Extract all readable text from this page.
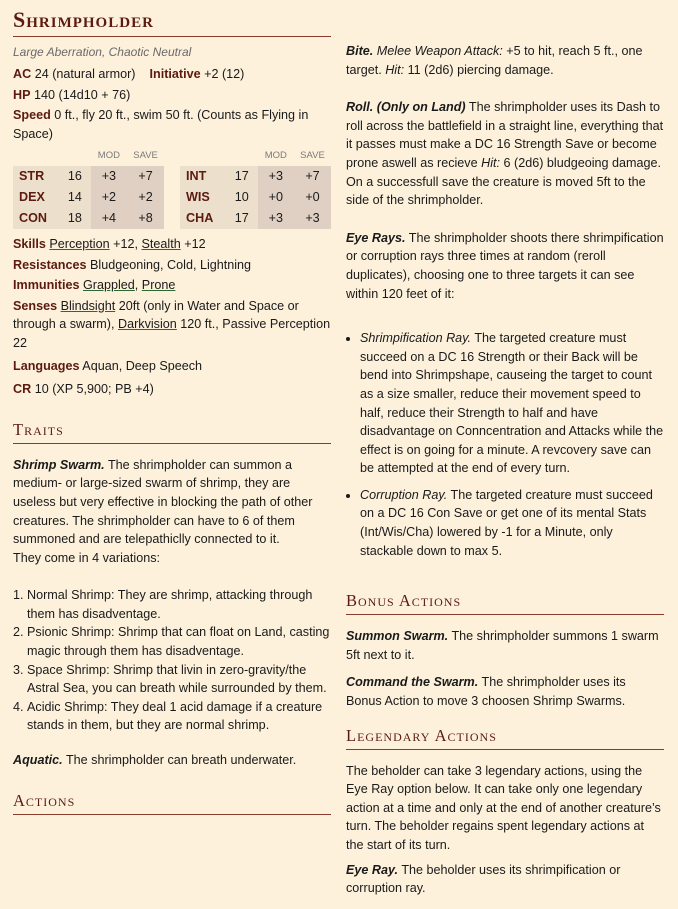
Shrimpholder
Large Aberration, Chaotic Neutral

AC 24 (natural armor) Initiative +2 (12)

HP 140 (14d10 + 76)

Speed 0 ft., fly 20 ft., swim 50 ft. (Counts as Flying in Space)

		MOD	SAVE				MOD	SAVE
STR	16	+3	+7		INT	17	+3	+7
DEX	14	+2	+2		WIS	10	+0	+0
CON	18	+4	+8		CHA	17	+3	+3

Skills Perception +12, Stealth +12

Resistances Bludgeoning, Cold, Lightning

Immunities Grappled, Prone

Senses Blindsight 20ft (only in Water and Space or through a swarm), Darkvision 120 ft., Passive Perception 22

Languages Aquan, Deep Speech

CR 10 (XP 5,900; PB +4)

Traits

Shrimp Swarm. The shrimpholder can summon a medium- or large-sized swarm of shrimp, they are useless but very effective in blocking the path of other creatures. The shrimpholder can have to 6 of them summoned and are telepathiclly connected to it.

They come in 4 variations:

1. Normal Shrimp: They are shrimp, attacking through them has disadventage.
2. Psionic Shrimp: Shrimp that can float on Land, casting magic through them has disadventage.
3. Space Shrimp: Shrimp that livin in zero-gravity/the Astral Sea, you can breath while surrounded by them.
4. Acidic Shrimp: They deal 1 acid damage if a creature stands in them, but they are normal shrimp.

Aquatic. The shrimpholder can breath underwater.

Actions

Bite. Melee Weapon Attack: +5 to hit, reach 5 ft., one target. Hit: 11 (2d6) piercing damage.

Roll. (Only on Land) The shrimpholder uses its Dash to roll across the battlefield in a straight line, everything that it passes must make a DC 16 Strength Save or become prone aswell as recieve Hit: 6 (2d6) bludgeoing damage. On a successfull save the creature is moved 5ft to the side of the shrimpholder.

Eye Rays. The shrimpholder shoots there shrimpification or corruption rays three times at random (reroll duplicates), choosing one to three targets it can see within 120 feet of it:

• Shrimpification Ray. The targeted creature must succeed on a DC 16 Strength or their Back will be bend into Shrimpshape, causeing the target to count as a size smaller, reduce their movement speed to half, reduce their Strength to half and have disadvantage on Conncentration and Attacks while the effect is on going for a minute. A revcovery save can be attempted at the end of every turn.
• Corruption Ray. The targeted creature must succeed on a DC 16 Con Save or get one of its mental Stats (Int/Wis/Cha) lowered by -1 for a Minute, only stackable down to max 5.
Bonus Actions

Summon Swarm. The shrimpholder summons 1 swarm 5ft next to it.

Command the Swarm. The shrimpholder uses its Bonus Action to move 3 choosen Shrimp Swarms.

Legendary Actions

The beholder can take 3 legendary actions, using the Eye Ray option below. It can take only one legendary action at a time and only at the end of another creature’s turn. The beholder regains spent legendary actions at the start of its turn.

Eye Ray. The beholder uses its shrimpification or corruption ray.
